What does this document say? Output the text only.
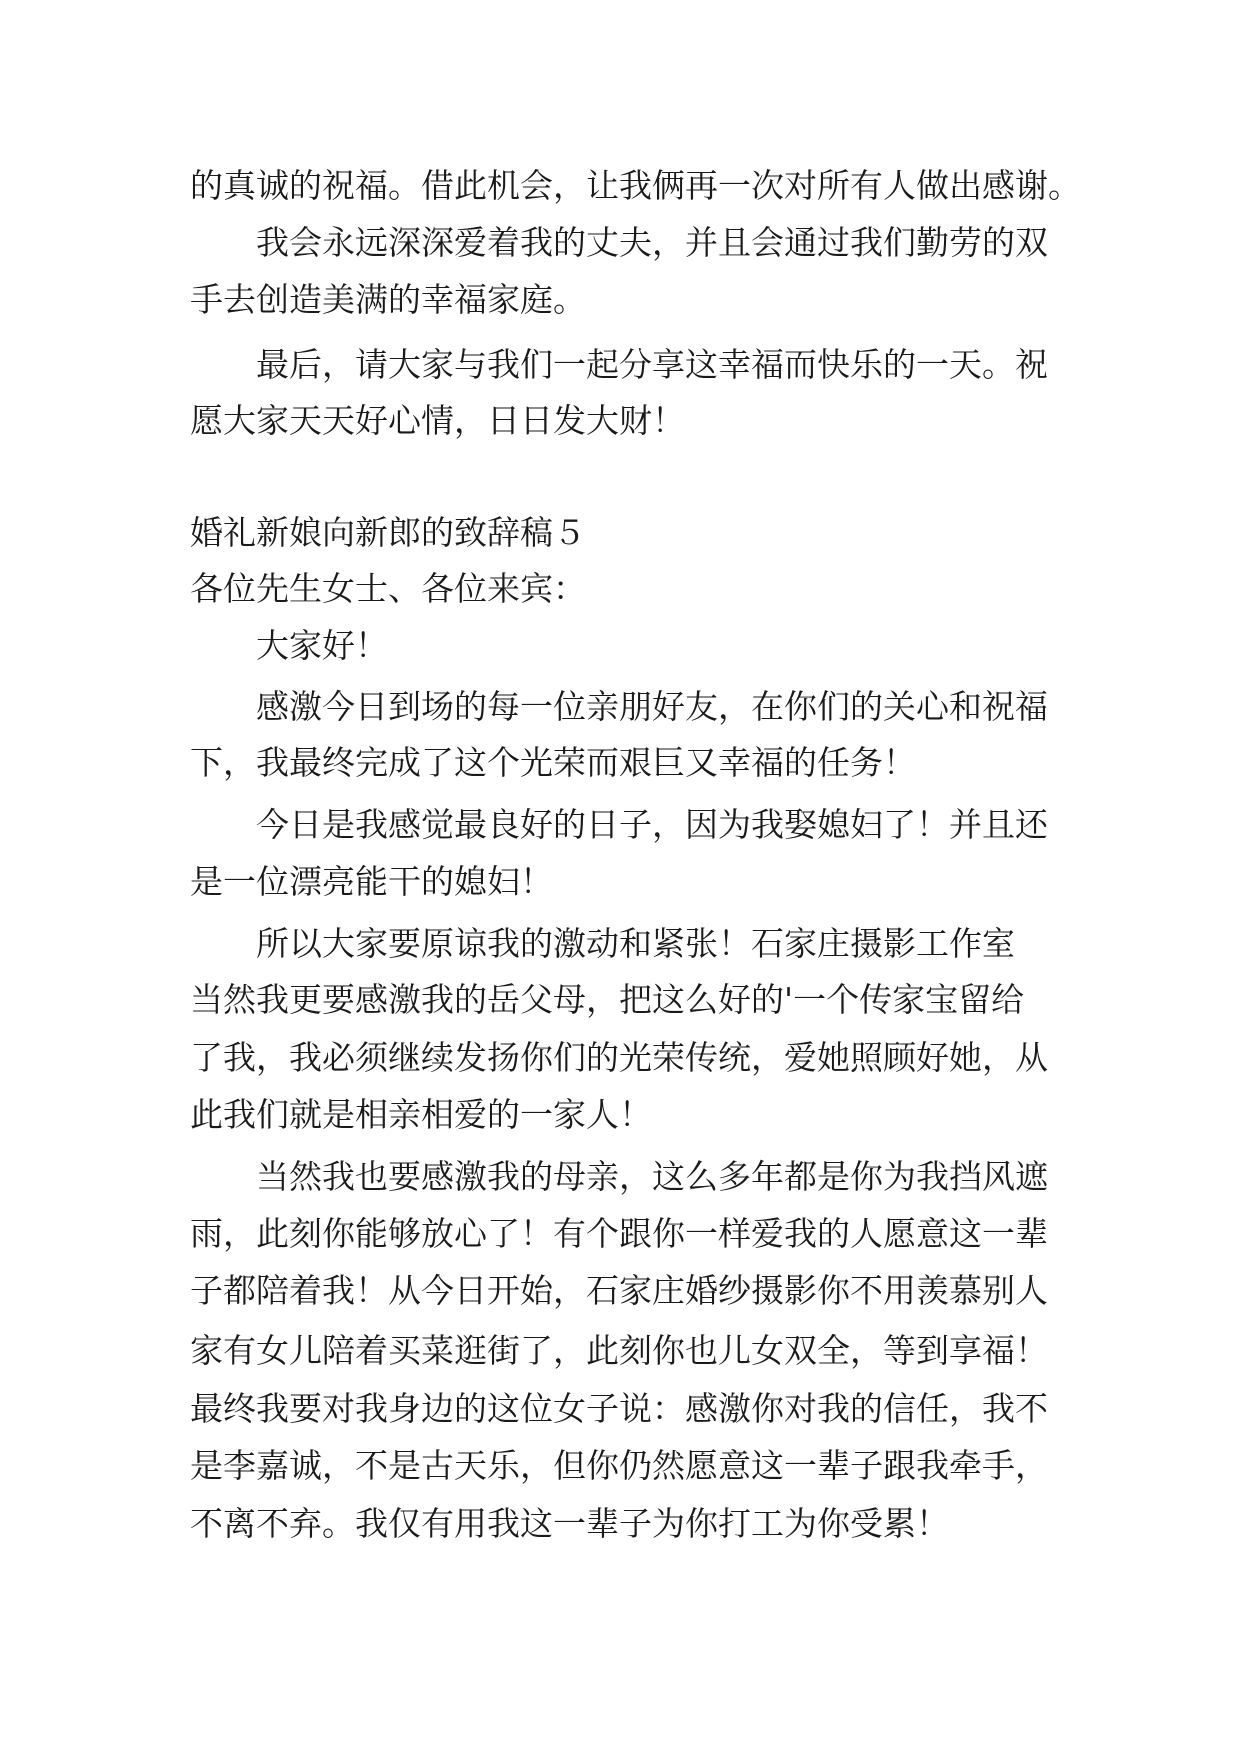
的真诚的祝福。借此机会，让我俩再一次对所有人做出感谢。
我会永远深深爱着我的丈夫，并且会通过我们勤劳的双
手去创造美满的幸福家庭。
最后，请大家与我们一起分享这幸福而快乐的一天。祝
愿大家天天好心情，日日发大财！
婚礼新娘向新郎的致辞稿５
各位先生女士、各位来宾：
大家好！
感激今日到场的每一位亲朋好友，在你们的关心和祝福
下，我最终完成了这个光荣而艰巨又幸福的任务！
今日是我感觉最良好的日子，因为我娶媳妇了！并且还
是一位漂亮能干的媳妇！
所以大家要原谅我的激动和紧张！石家庄摄影工作室
当然我更要感激我的岳父母，把这么好的'一个传家宝留给
了我，我必须继续发扬你们的光荣传统，爱她照顾好她，从
此我们就是相亲相爱的一家人！
当然我也要感激我的母亲，这么多年都是你为我挡风遮
雨，此刻你能够放心了！有个跟你一样爱我的人愿意这一辈
子都陪着我！从今日开始，石家庄婚纱摄影你不用羡慕别人
家有女儿陪着买菜逛街了，此刻你也儿女双全，等到享福！
最终我要对我身边的这位女子说：感激你对我的信任，我不
是李嘉诚，不是古天乐，但你仍然愿意这一辈子跟我牵手，
不离不弃。我仅有用我这一辈子为你打工为你受累！
